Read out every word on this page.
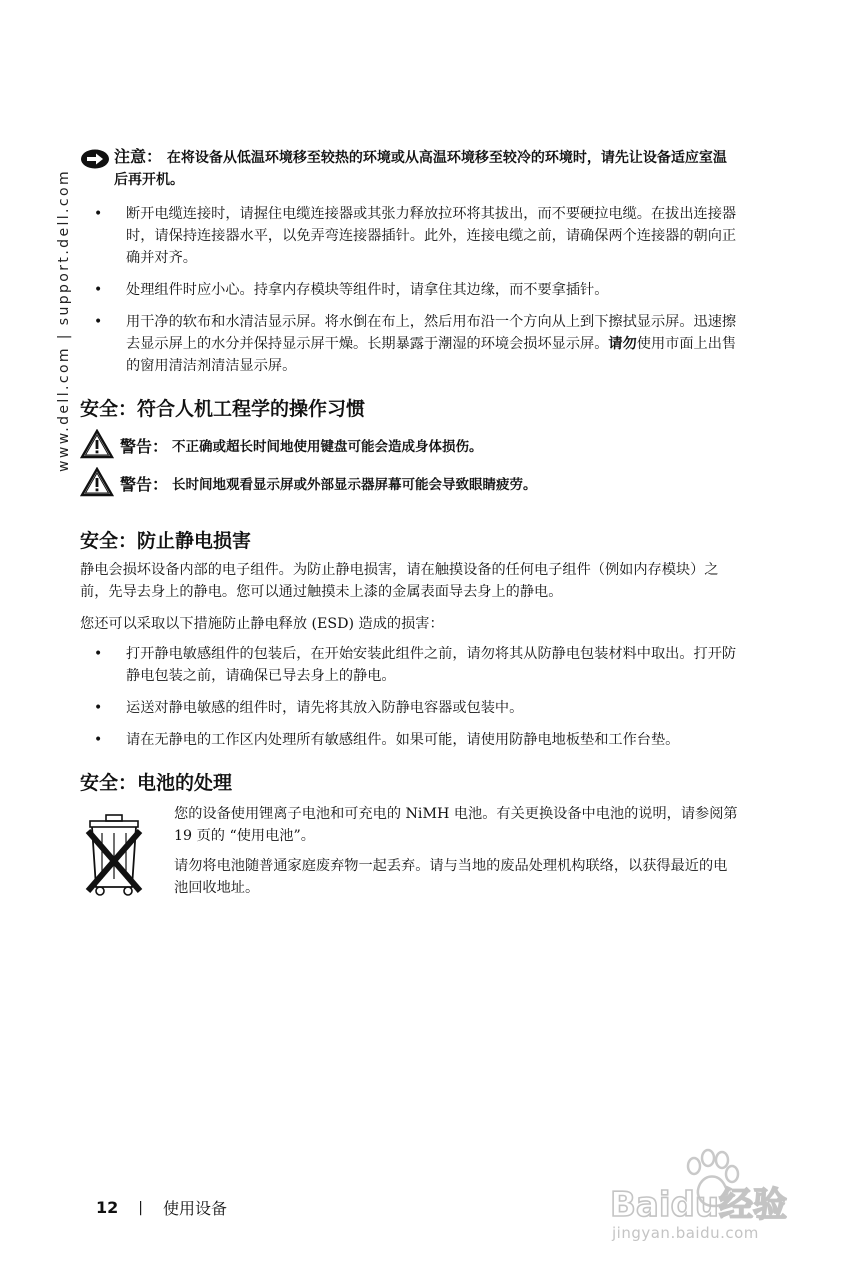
www.dell.com | support.dell.com
注意： 在将设备从低温环境移至较热的环境或从高温环境移至较冷的环境时，请先让设备适应室温后再开机。
• 断开电缆连接时，请握住电缆连接器或其张力释放拉环将其拔出，而不要硬拉电缆。在拔出连接器时，请保持连接器水平，以免弄弯连接器插针。此外，连接电缆之前，请确保两个连接器的朝向正确并对齐。
• 处理组件时应小心。持拿内存模块等组件时，请拿住其边缘，而不要拿插针。
• 用干净的软布和水清洁显示屏。将水倒在布上，然后用布沿一个方向从上到下擦拭显示屏。迅速擦去显示屏上的水分并保持显示屏干燥。长期暴露于潮湿的环境会损坏显示屏。请勿使用市面上出售的窗用清洁剂清洁显示屏。
安全：符合人机工程学的操作习惯
警告： 不正确或超长时间地使用键盘可能会造成身体损伤。
警告： 长时间地观看显示屏或外部显示器屏幕可能会导致眼睛疲劳。
安全：防止静电损害

静电会损坏设备内部的电子组件。为防止静电损害，请在触摸设备的任何电子组件（例如内存模块）之前，先导去身上的静电。您可以通过触摸未上漆的金属表面导去身上的静电。

您还可以采取以下措施防止静电释放 (ESD) 造成的损害：

• 打开静电敏感组件的包装后，在开始安装此组件之前，请勿将其从防静电包装材料中取出。打开防静电包装之前，请确保已导去身上的静电。
• 运送对静电敏感的组件时，请先将其放入防静电容器或包装中。
• 请在无静电的工作区内处理所有敏感组件。如果可能，请使用防静电地板垫和工作台垫。
安全：电池的处理

您的设备使用锂离子电池和可充电的 NiMH 电池。有关更换设备中电池的说明，请参阅第 19 页的 “使用电池”。

请勿将电池随普通家庭废弃物一起丢弃。请与当地的废品处理机构联络，以获得最近的电池回收地址。

12 | 使用设备	Baidu经验
jingyan.baidu.com
